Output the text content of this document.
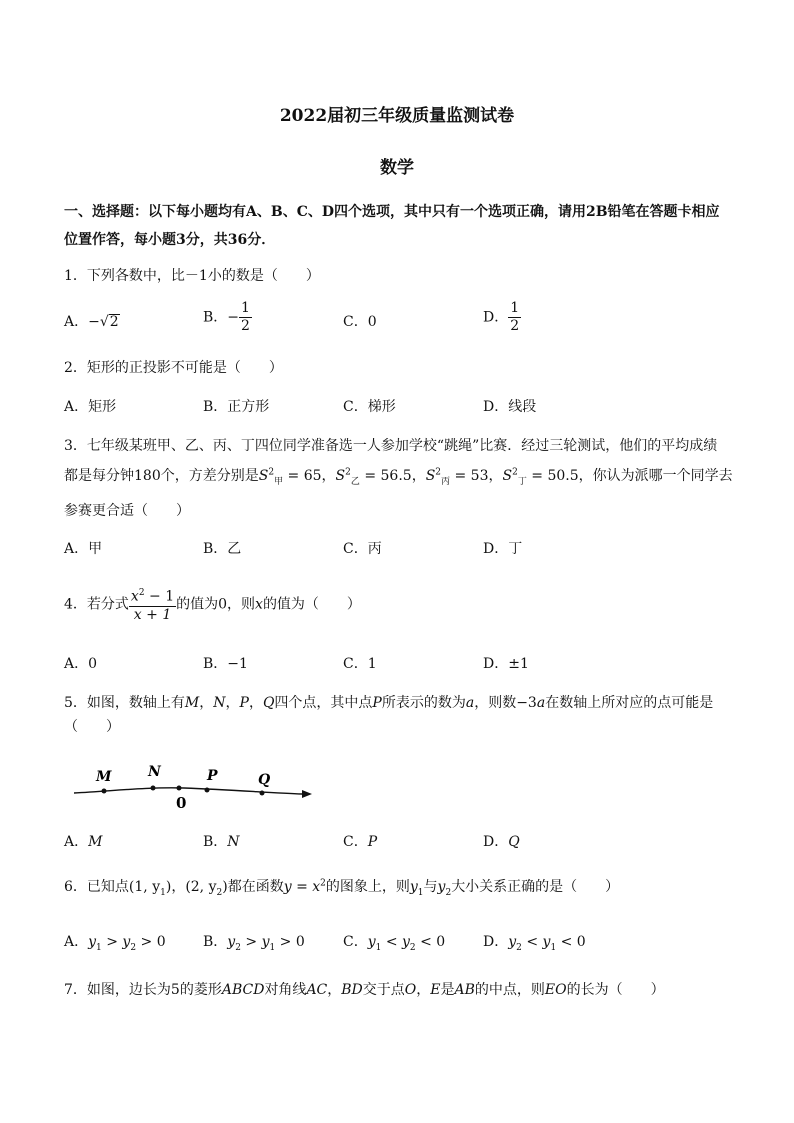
2022届初三年级质量监测试卷
数学
一、选择题：以下每小题均有A、B、C、D四个选项，其中只有一个选项正确，请用2B铅笔在答题卡相应
位置作答，每小题3分，共36分．
1．下列各数中，比－1小的数是（　　）
A．−√2	B．− $\frac{1}{2}$	C．0	D． $\frac{1}{2}$
2．矩形的正投影不可能是（　　）
A．矩形	B．正方形	C．梯形	D．线段
3．七年级某班甲、乙、丙、丁四位同学准备选一人参加学校“跳绳”比赛．经过三轮测试，他们的平均成绩
都是每分钟180个，方差分别是$S^2_甲 = 65$，$S^2_乙 = 56.5$，$S^2_丙 = 53$，$S^2_丁 = 50.5$，你认为派哪一个同学去
参赛更合适（　　）
A．甲	B．乙	C．丙	D．丁
4．若分式 $\frac{x^2 - 1}{x + 1}$ 的值为0，则x的值为（　　）
A．0	B．−1	C．1	D．±1
5．如图，数轴上有M，N，P，Q四个点，其中点P所表示的数为a，则数−3a在数轴上所对应的点可能是
（　　）
M	N
0
P	Q
A．M	B．N	C．P	D．Q
6．已知点(1, $y_1$)，(2, $y_2$)都在函数$y = x^2$的图象上，则$y_1$与$y_2$大小关系正确的是（　　）
A．$y_1 > y_2 > 0$	B．$y_2 > y_1 > 0$	C．$y_1 < y_2 < 0$	D．$y_2 < y_1 < 0$
7．如图，边长为5的菱形ABCD对角线AC，BD交于点O，E是AB的中点，则EO的长为（　　）
